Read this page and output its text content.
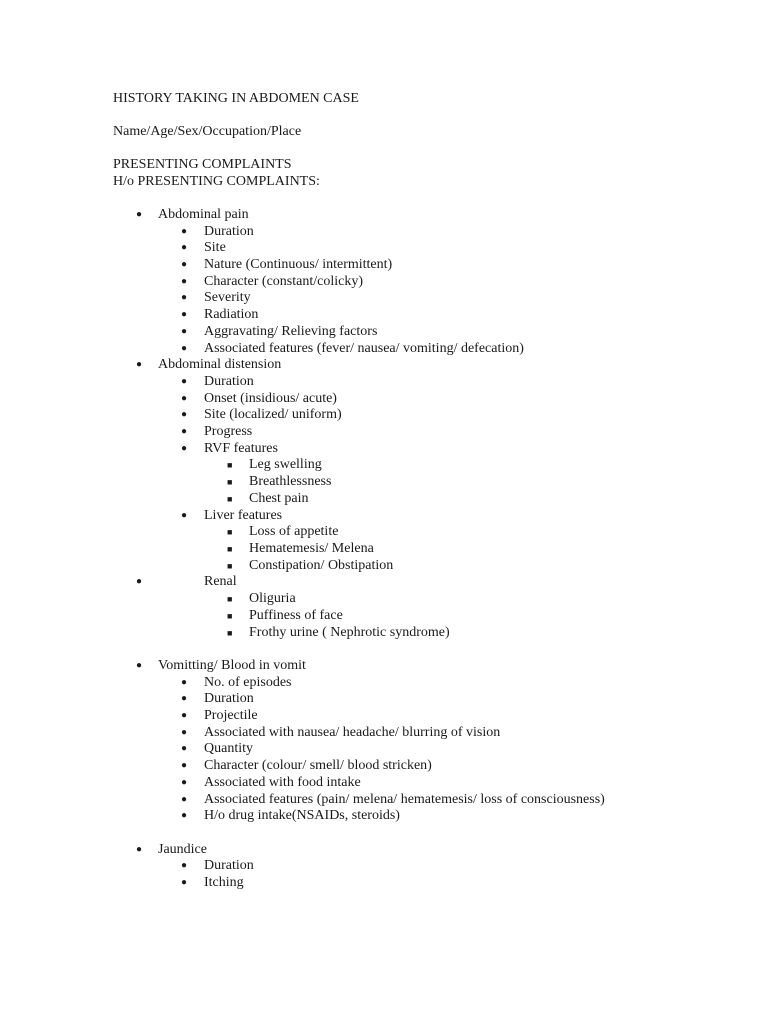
HISTORY TAKING IN ABDOMEN CASE
Name/Age/Sex/Occupation/Place
PRESENTING COMPLAINTS
H/o PRESENTING COMPLAINTS:
●
Abdominal pain
●
Duration
●
Site
●
Nature (Continuous/ intermittent)
●
Character (constant/colicky)
●
Severity
●
Radiation
●
Aggravating/ Relieving factors
●
Associated features (fever/ nausea/ vomiting/ defecation)
●
Abdominal distension
●
Duration
●
Onset (insidious/ acute)
●
Site (localized/ uniform)
●
Progress
●
RVF features
■
Leg swelling
■
Breathlessness
■
Chest pain
●
Liver features
■
Loss of appetite
■
Hematemesis/ Melena
■
Constipation/ Obstipation
●
Renal
■
Oliguria
■
Puffiness of face
■
Frothy urine ( Nephrotic syndrome)
●
Vomitting/ Blood in vomit
●
No. of episodes
●
Duration
●
Projectile
●
Associated with nausea/ headache/ blurring of vision
●
Quantity
●
Character (colour/ smell/ blood stricken)
●
Associated with food intake
●
Associated features (pain/ melena/ hematemesis/ loss of consciousness)
●
H/o drug intake(NSAIDs, steroids)
●
Jaundice
●
Duration
●
Itching
